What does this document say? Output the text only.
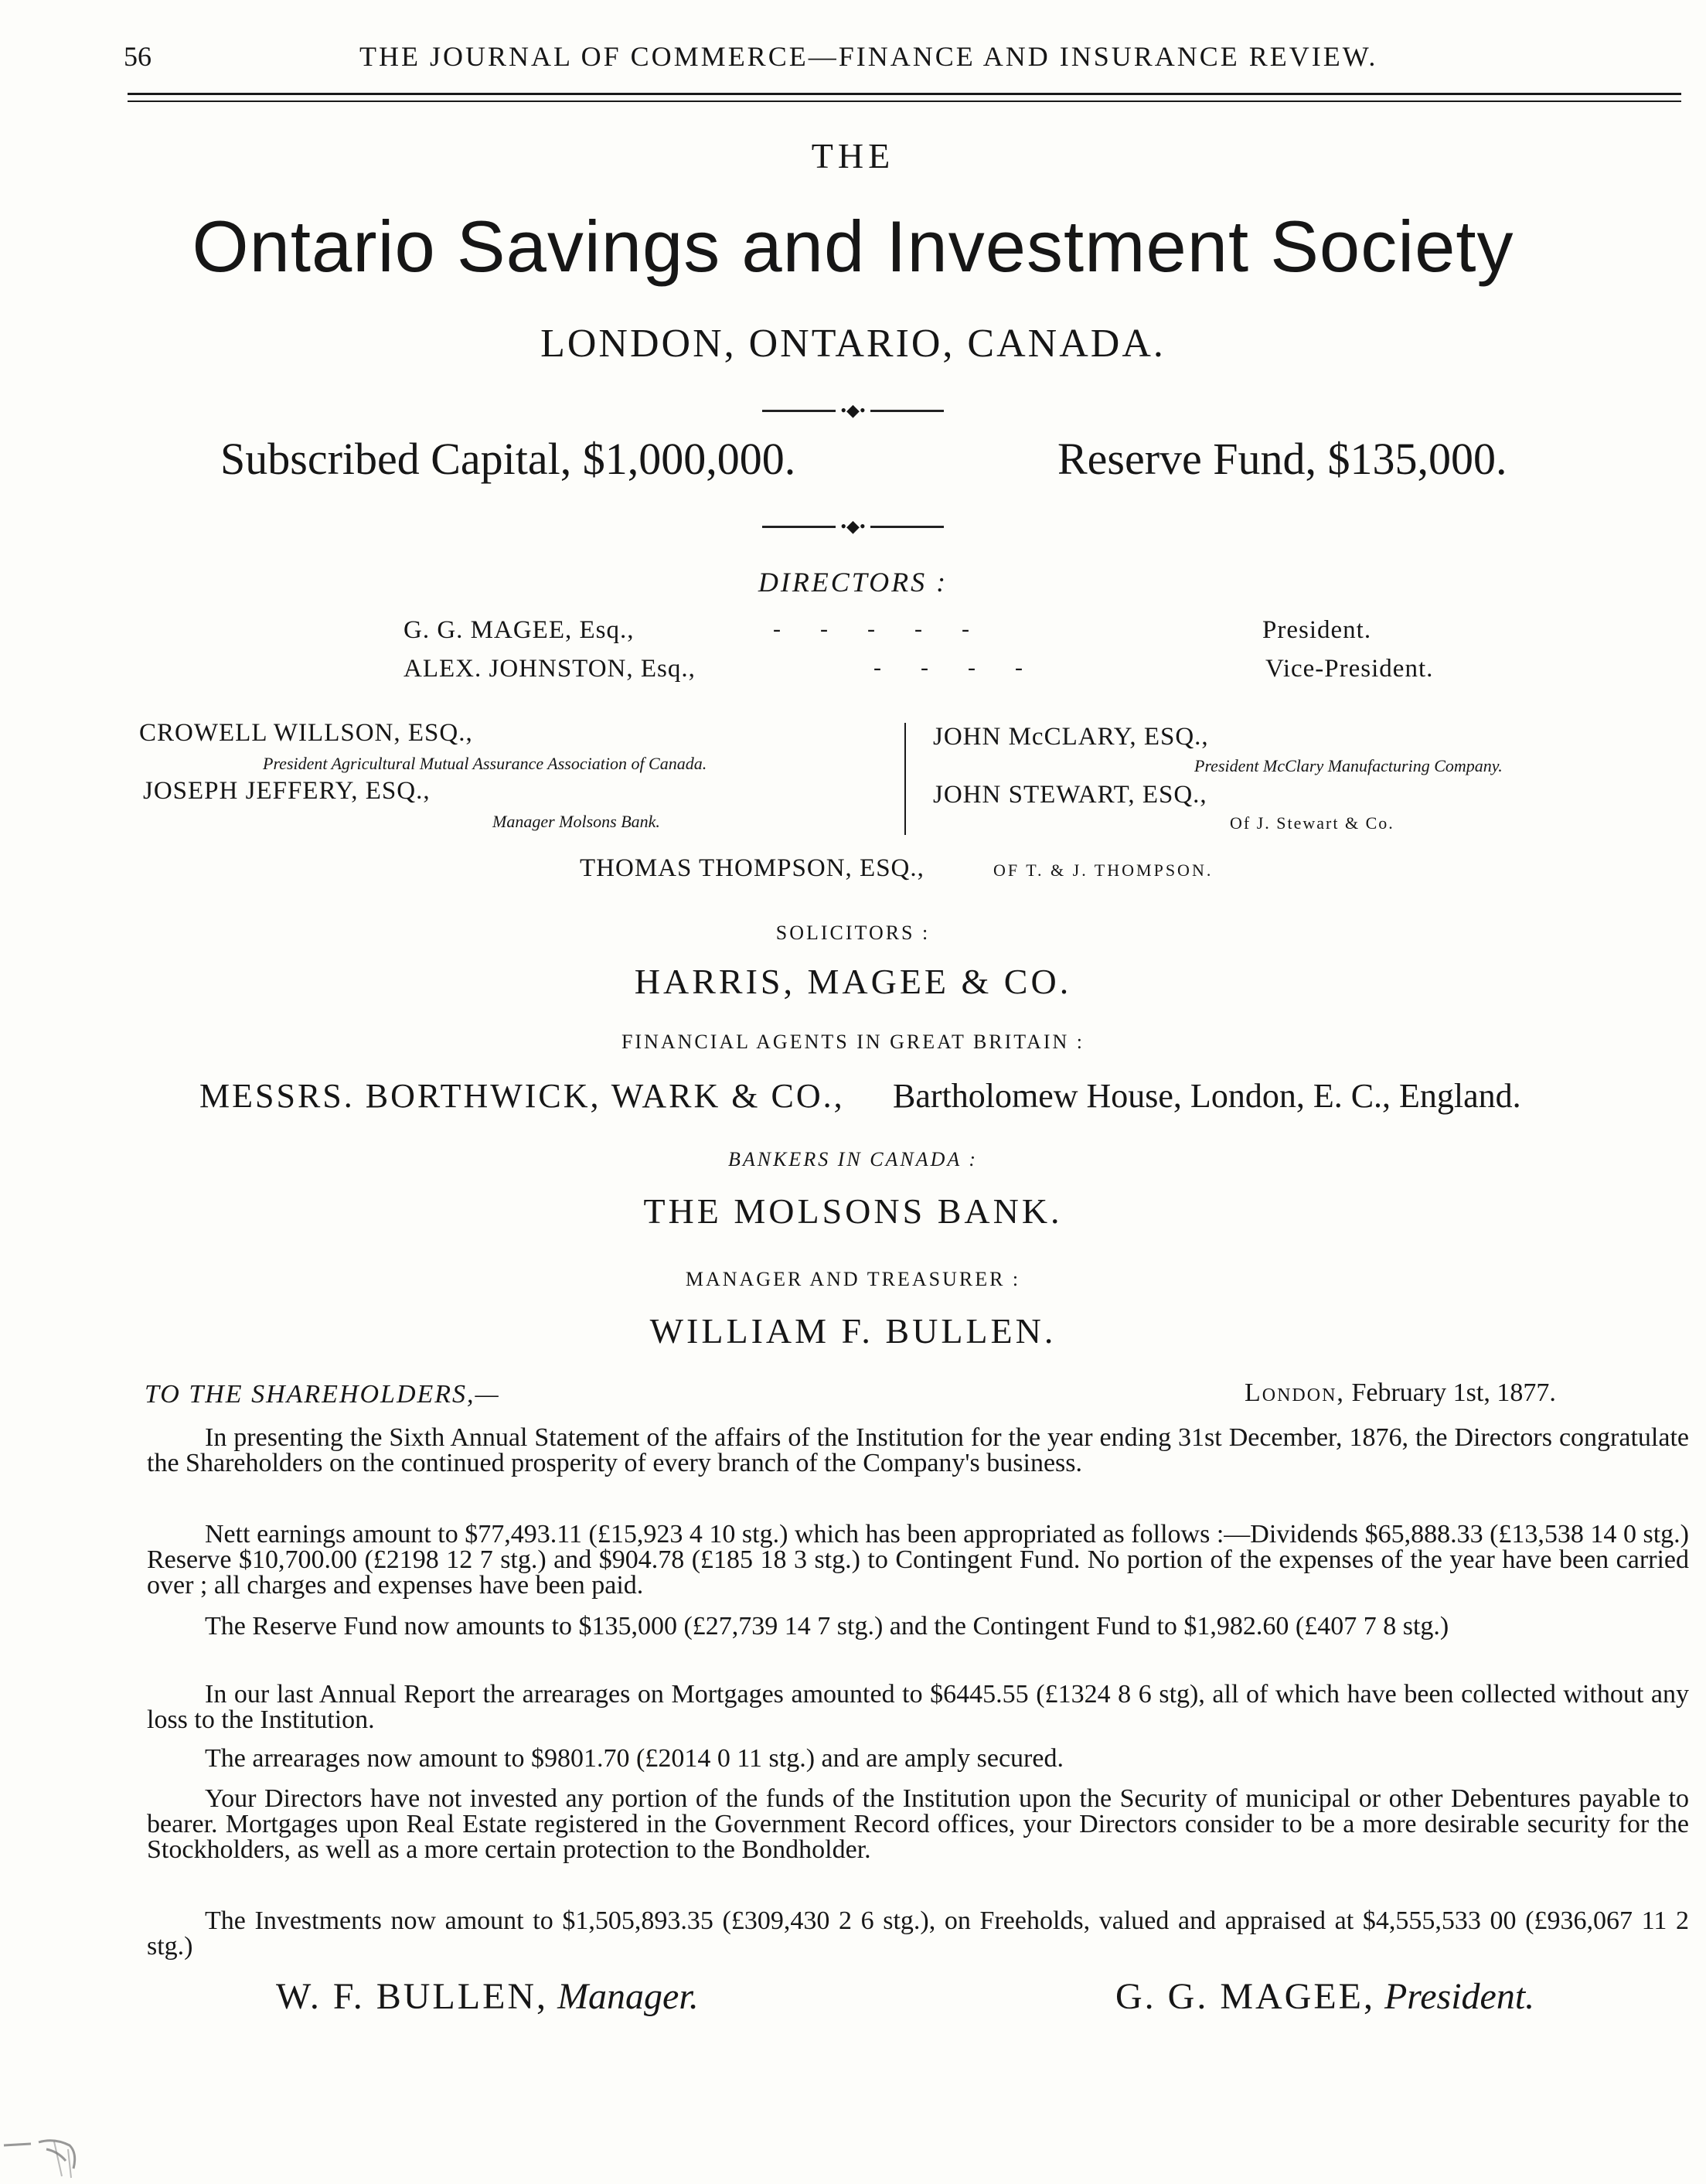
56	THE JOURNAL OF COMMERCE—FINANCE AND INSURANCE REVIEW.
THE
Ontario Savings and Investment Society
LONDON, ONTARIO, CANADA.
•◆•
Subscribed Capital, $1,000,000.	Reserve Fund, $135,000.
•◆•
DIRECTORS :
G. G. MAGEE, Esq.,	-  -  -  -  -	President.
ALEX. JOHNSTON, Esq.,	-  -  -  -	Vice-President.
CROWELL WILLSON, ESQ.,
President Agricultural Mutual Assurance Association of Canada.
JOSEPH JEFFERY, ESQ.,
Manager Molsons Bank.
JOHN McCLARY, ESQ.,
President McClary Manufacturing Company.
JOHN STEWART, ESQ.,
Of J. Stewart & Co.
THOMAS THOMPSON, ESQ.,	OF T. & J. THOMPSON.
SOLICITORS :
HARRIS, MAGEE & CO.
FINANCIAL AGENTS IN GREAT BRITAIN :
MESSRS. BORTHWICK, WARK & CO., Bartholomew House, London, E. C., England.
BANKERS IN CANADA :
THE MOLSONS BANK.
MANAGER AND TREASURER :
WILLIAM F. BULLEN.
TO THE SHAREHOLDERS,—	London, February 1st, 1877.
In presenting the Sixth Annual Statement of the affairs of the Institution for the year ending 31st December, 1876, the Directors congratulate the Shareholders on the continued prosperity of every branch of the Company's business.
Nett earnings amount to $77,493.11 (£15,923 4 10 stg.) which has been appropriated as follows :—Dividends $65,888.33 (£13,538 14 0 stg.) Reserve $10,700.00 (£2198 12 7 stg.) and $904.78 (£185 18 3 stg.) to Contingent Fund. No portion of the expenses of the year have been carried over ; all charges and expenses have been paid.
The Reserve Fund now amounts to $135,000 (£27,739 14 7 stg.) and the Contingent Fund to $1,982.60 (£407 7 8 stg.)
In our last Annual Report the arrearages on Mortgages amounted to $6445.55 (£1324 8 6 stg), all of which have been collected without any loss to the Institution.
The arrearages now amount to $9801.70 (£2014 0 11 stg.) and are amply secured.
Your Directors have not invested any portion of the funds of the Institution upon the Security of municipal or other Debentures payable to bearer. Mortgages upon Real Estate registered in the Government Record offices, your Directors consider to be a more desirable security for the Stockholders, as well as a more certain protection to the Bondholder.
The Investments now amount to $1,505,893.35 (£309,430 2 6 stg.), on Freeholds, valued and appraised at $4,555,533 00 (£936,067 11 2 stg.)
W. F. BULLEN, Manager.	G. G. MAGEE, President.
